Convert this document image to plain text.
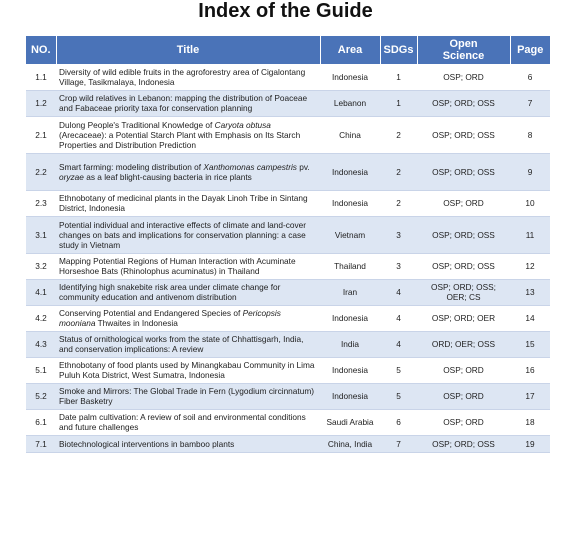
Index of the Guide
NO.	Title	Area	SDGs	Open Science	Page
1.1	Diversity of wild edible fruits in the agroforestry area of Cigalontang Village, Tasikmalaya, Indonesia	Indonesia	1	OSP; ORD	6
1.2	Crop wild relatives in Lebanon: mapping the distribution of Poaceae and Fabaceae priority taxa for conservation planning	Lebanon	1	OSP; ORD; OSS	7
2.1	Dulong People's Traditional Knowledge of Caryota obtusa (Arecaceae): a Potential Starch Plant with Emphasis on Its Starch Properties and Distribution Prediction	China	2	OSP; ORD; OSS	8
2.2	Smart farming: modeling distribution of Xanthomonas campestris pv. oryzae as a leaf blight-causing bacteria in rice plants	Indonesia	2	OSP; ORD; OSS	9
2.3	Ethnobotany of medicinal plants in the Dayak Linoh Tribe in Sintang District, Indonesia	Indonesia	2	OSP; ORD	10
3.1	Potential individual and interactive effects of climate and land-cover changes on bats and implications for conservation planning: a case study in Vietnam	Vietnam	3	OSP; ORD; OSS	11
3.2	Mapping Potential Regions of Human Interaction with Acuminate Horseshoe Bats (Rhinolophus acuminatus) in Thailand	Thailand	3	OSP; ORD; OSS	12
4.1	Identifying high snakebite risk area under climate change for community education and antivenom distribution	Iran	4	OSP; ORD; OSS; OER; CS	13
4.2	Conserving Potential and Endangered Species of Pericopsis mooniana Thwaites in Indonesia	Indonesia	4	OSP; ORD; OER	14
4.3	Status of ornithological works from the state of Chhattisgarh, India, and conservation implications: A review	India	4	ORD; OER; OSS	15
5.1	Ethnobotany of food plants used by Minangkabau Community in Lima Puluh Kota District, West Sumatra, Indonesia	Indonesia	5	OSP; ORD	16
5.2	Smoke and Mirrors: The Global Trade in Fern (Lygodium circinnatum) Fiber Basketry	Indonesia	5	OSP; ORD	17
6.1	Date palm cultivation: A review of soil and environmental conditions and future challenges	Saudi Arabia	6	OSP; ORD	18
7.1	Biotechnological interventions in bamboo plants	China, India	7	OSP; ORD; OSS	19
